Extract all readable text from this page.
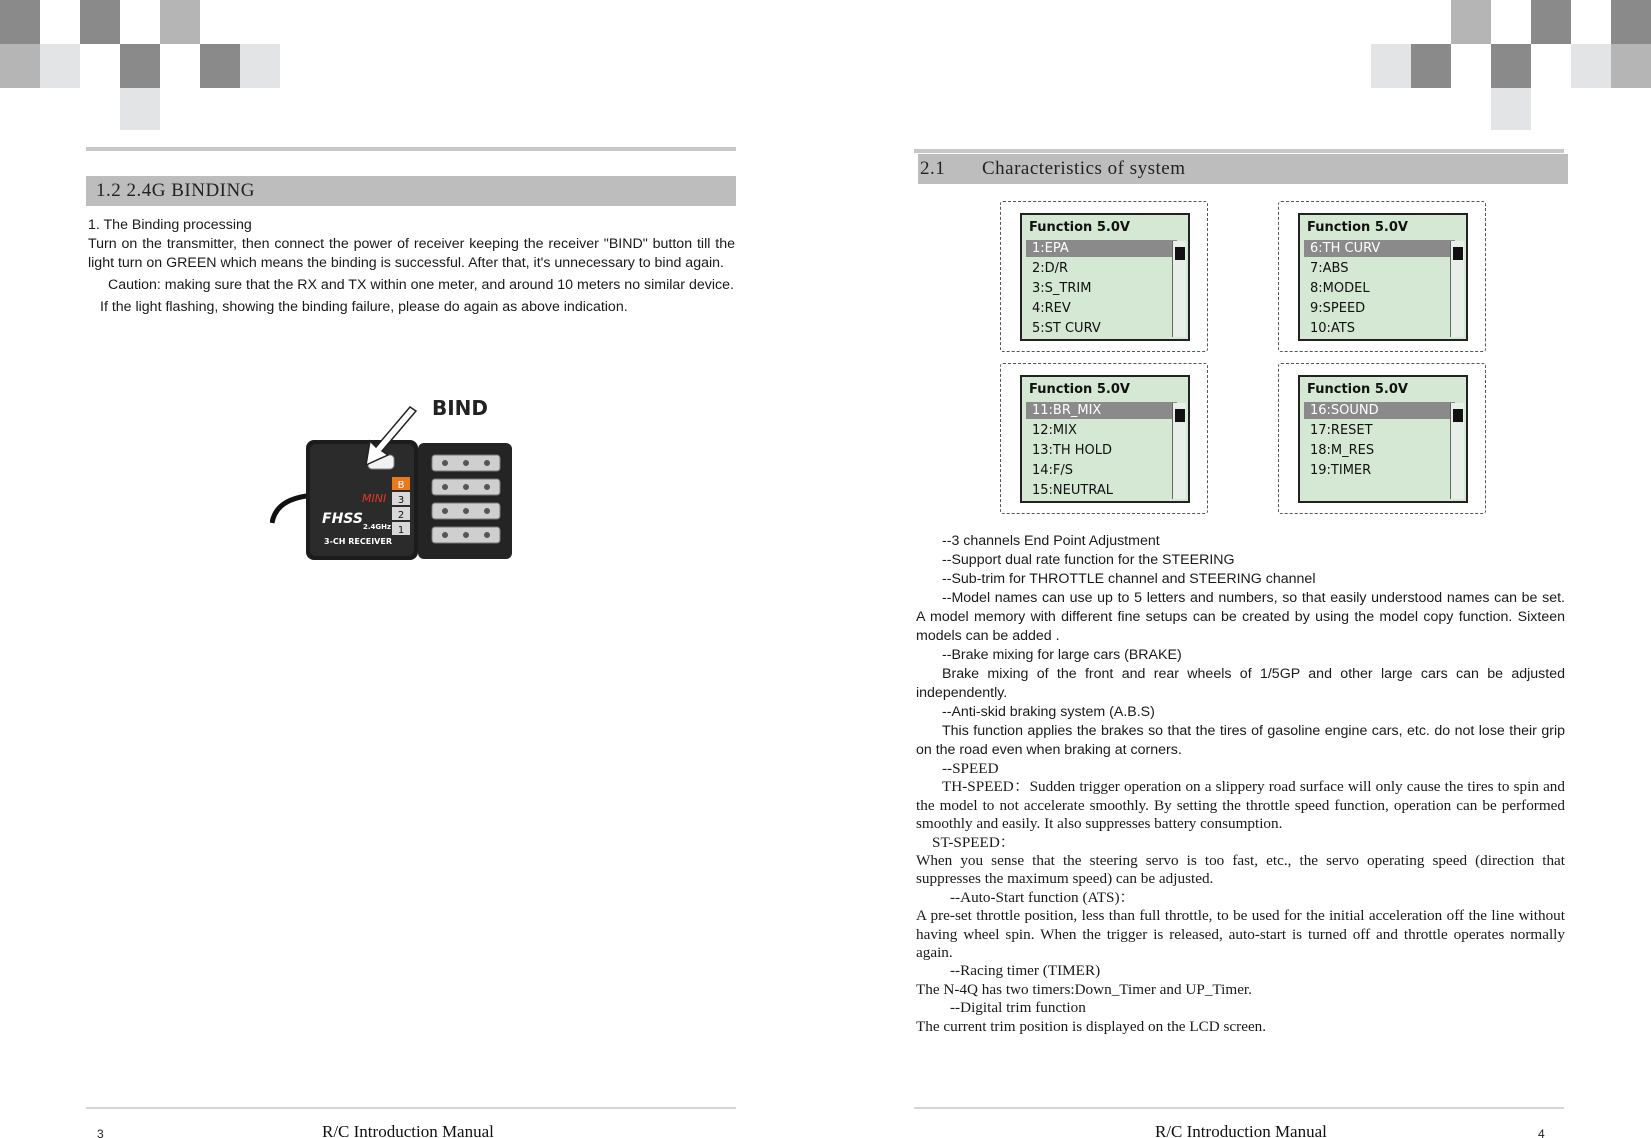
1.2 2.4G BINDING
1. The Binding processing

Turn on the transmitter, then connect the power of receiver keeping the receiver "BIND" button till the light turn on GREEN which means the binding is successful. After that, it's unnecessary to bind again.

Caution: making sure that the RX and TX within one meter, and around 10 meters no similar device.

If the light flashing, showing the binding failure, please do again as above indication.

BIND
B
3
2
1
MINI
FHSS 2.4GHz
3-CH RECEIVER
3	R/C Introduction Manual
2.1       Characteristics of system
Function 5.0V
1:EPA
2:D/R
3:S_TRIM
4:REV
5:ST CURV
Function 5.0V
6:TH CURV
7:ABS
8:MODEL
9:SPEED
10:ATS
Function 5.0V
11:BR_MIX
12:MIX
13:TH HOLD
14:F/S
15:NEUTRAL
Function 5.0V
16:SOUND
17:RESET
18:M_RES
19:TIMER

--3 channels End Point Adjustment

--Support dual rate function for the STEERING

--Sub-trim for THROTTLE channel and STEERING channel

--Model names can use up to 5 letters and numbers, so that easily understood names can be set. A model memory with different fine setups can be created by using the model copy function. Sixteen models can be added .

--Brake mixing for large cars (BRAKE)

Brake mixing of the front and rear wheels of 1/5GP and other large cars can be adjusted independently.

--Anti-skid braking system (A.B.S)

This function applies the brakes so that the tires of gasoline engine cars, etc. do not lose their grip on the road even when braking at corners.

--SPEED

TH-SPEED：Sudden trigger operation on a slippery road surface will only cause the tires to spin and the model to not accelerate smoothly. By setting the throttle speed function, operation can be performed smoothly and easily. It also suppresses battery consumption.

ST-SPEED：

When you sense that the steering servo is too fast, etc., the servo operating speed (direction that suppresses the maximum speed) can be adjusted.

--Auto-Start function (ATS)：

A pre-set throttle position, less than full throttle, to be used for the initial acceleration off the line without having wheel spin. When the trigger is released, auto-start is turned off and throttle operates normally again.

--Racing timer (TIMER)

The N-4Q has two timers:Down_Timer and UP_Timer.

--Digital trim function

The current trim position is displayed on the LCD screen.

R/C Introduction Manual	4
